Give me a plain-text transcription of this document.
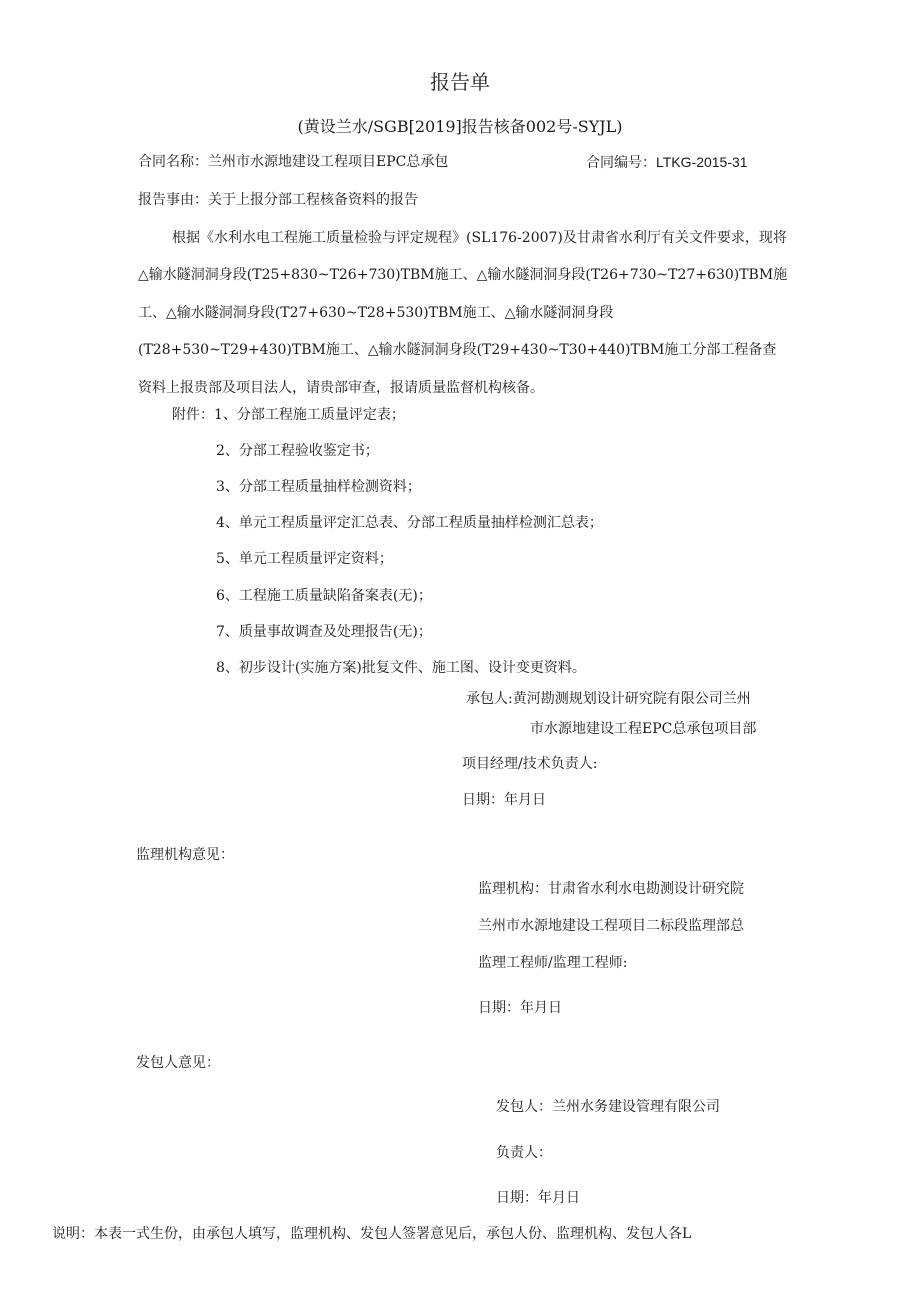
报告单
(黄设兰水/SGB[2019]报告核备002号-SYJL)
合同名称：兰州市水源地建设工程项目EPC总承包	合同编号：LTKG-2015-31
报告事由：关于上报分部工程核备资料的报告

根据《水利水电工程施工质量检验与评定规程》(SL176-2007)及甘肃省水利厅有关文件要求，现将△输水隧洞洞身段(T25+830~T26+730)TBM施工、△输水隧洞洞身段(T26+730~T27+630)TBM施工、△输水隧洞洞身段(T27+630~T28+530)TBM施工、△输水隧洞洞身段(T28+530~T29+430)TBM施工、△输水隧洞洞身段(T29+430~T30+440)TBM施工分部工程备查资料上报贵部及项目法人，请贵部审查，报请质量监督机构核备。

附件：1、分部工程施工质量评定表；
2、分部工程验收鉴定书；
3、分部工程质量抽样检测资料；
4、单元工程质量评定汇总表、分部工程质量抽样检测汇总表；
5、单元工程质量评定资料；
6、工程施工质量缺陷备案表(无)；
7、质量事故调查及处理报告(无)；
8、初步设计(实施方案)批复文件、施工图、设计变更资料。
承包人:黄河勘测规划设计研究院有限公司兰州
市水源地建设工程EPC总承包项目部
项目经理/技术负责人:
日期：年月日
监理机构意见：
监理机构：甘肃省水利水电勘测设计研究院
兰州市水源地建设工程项目二标段监理部总
监理工程师/监理工程师:
日期：年月日
发包人意见：
发包人：兰州水务建设管理有限公司
负责人：
日期：年月日
说明：本表一式生份，由承包人填写，监理机构、发包人签署意见后，承包人份、监理机构、发包人各L
